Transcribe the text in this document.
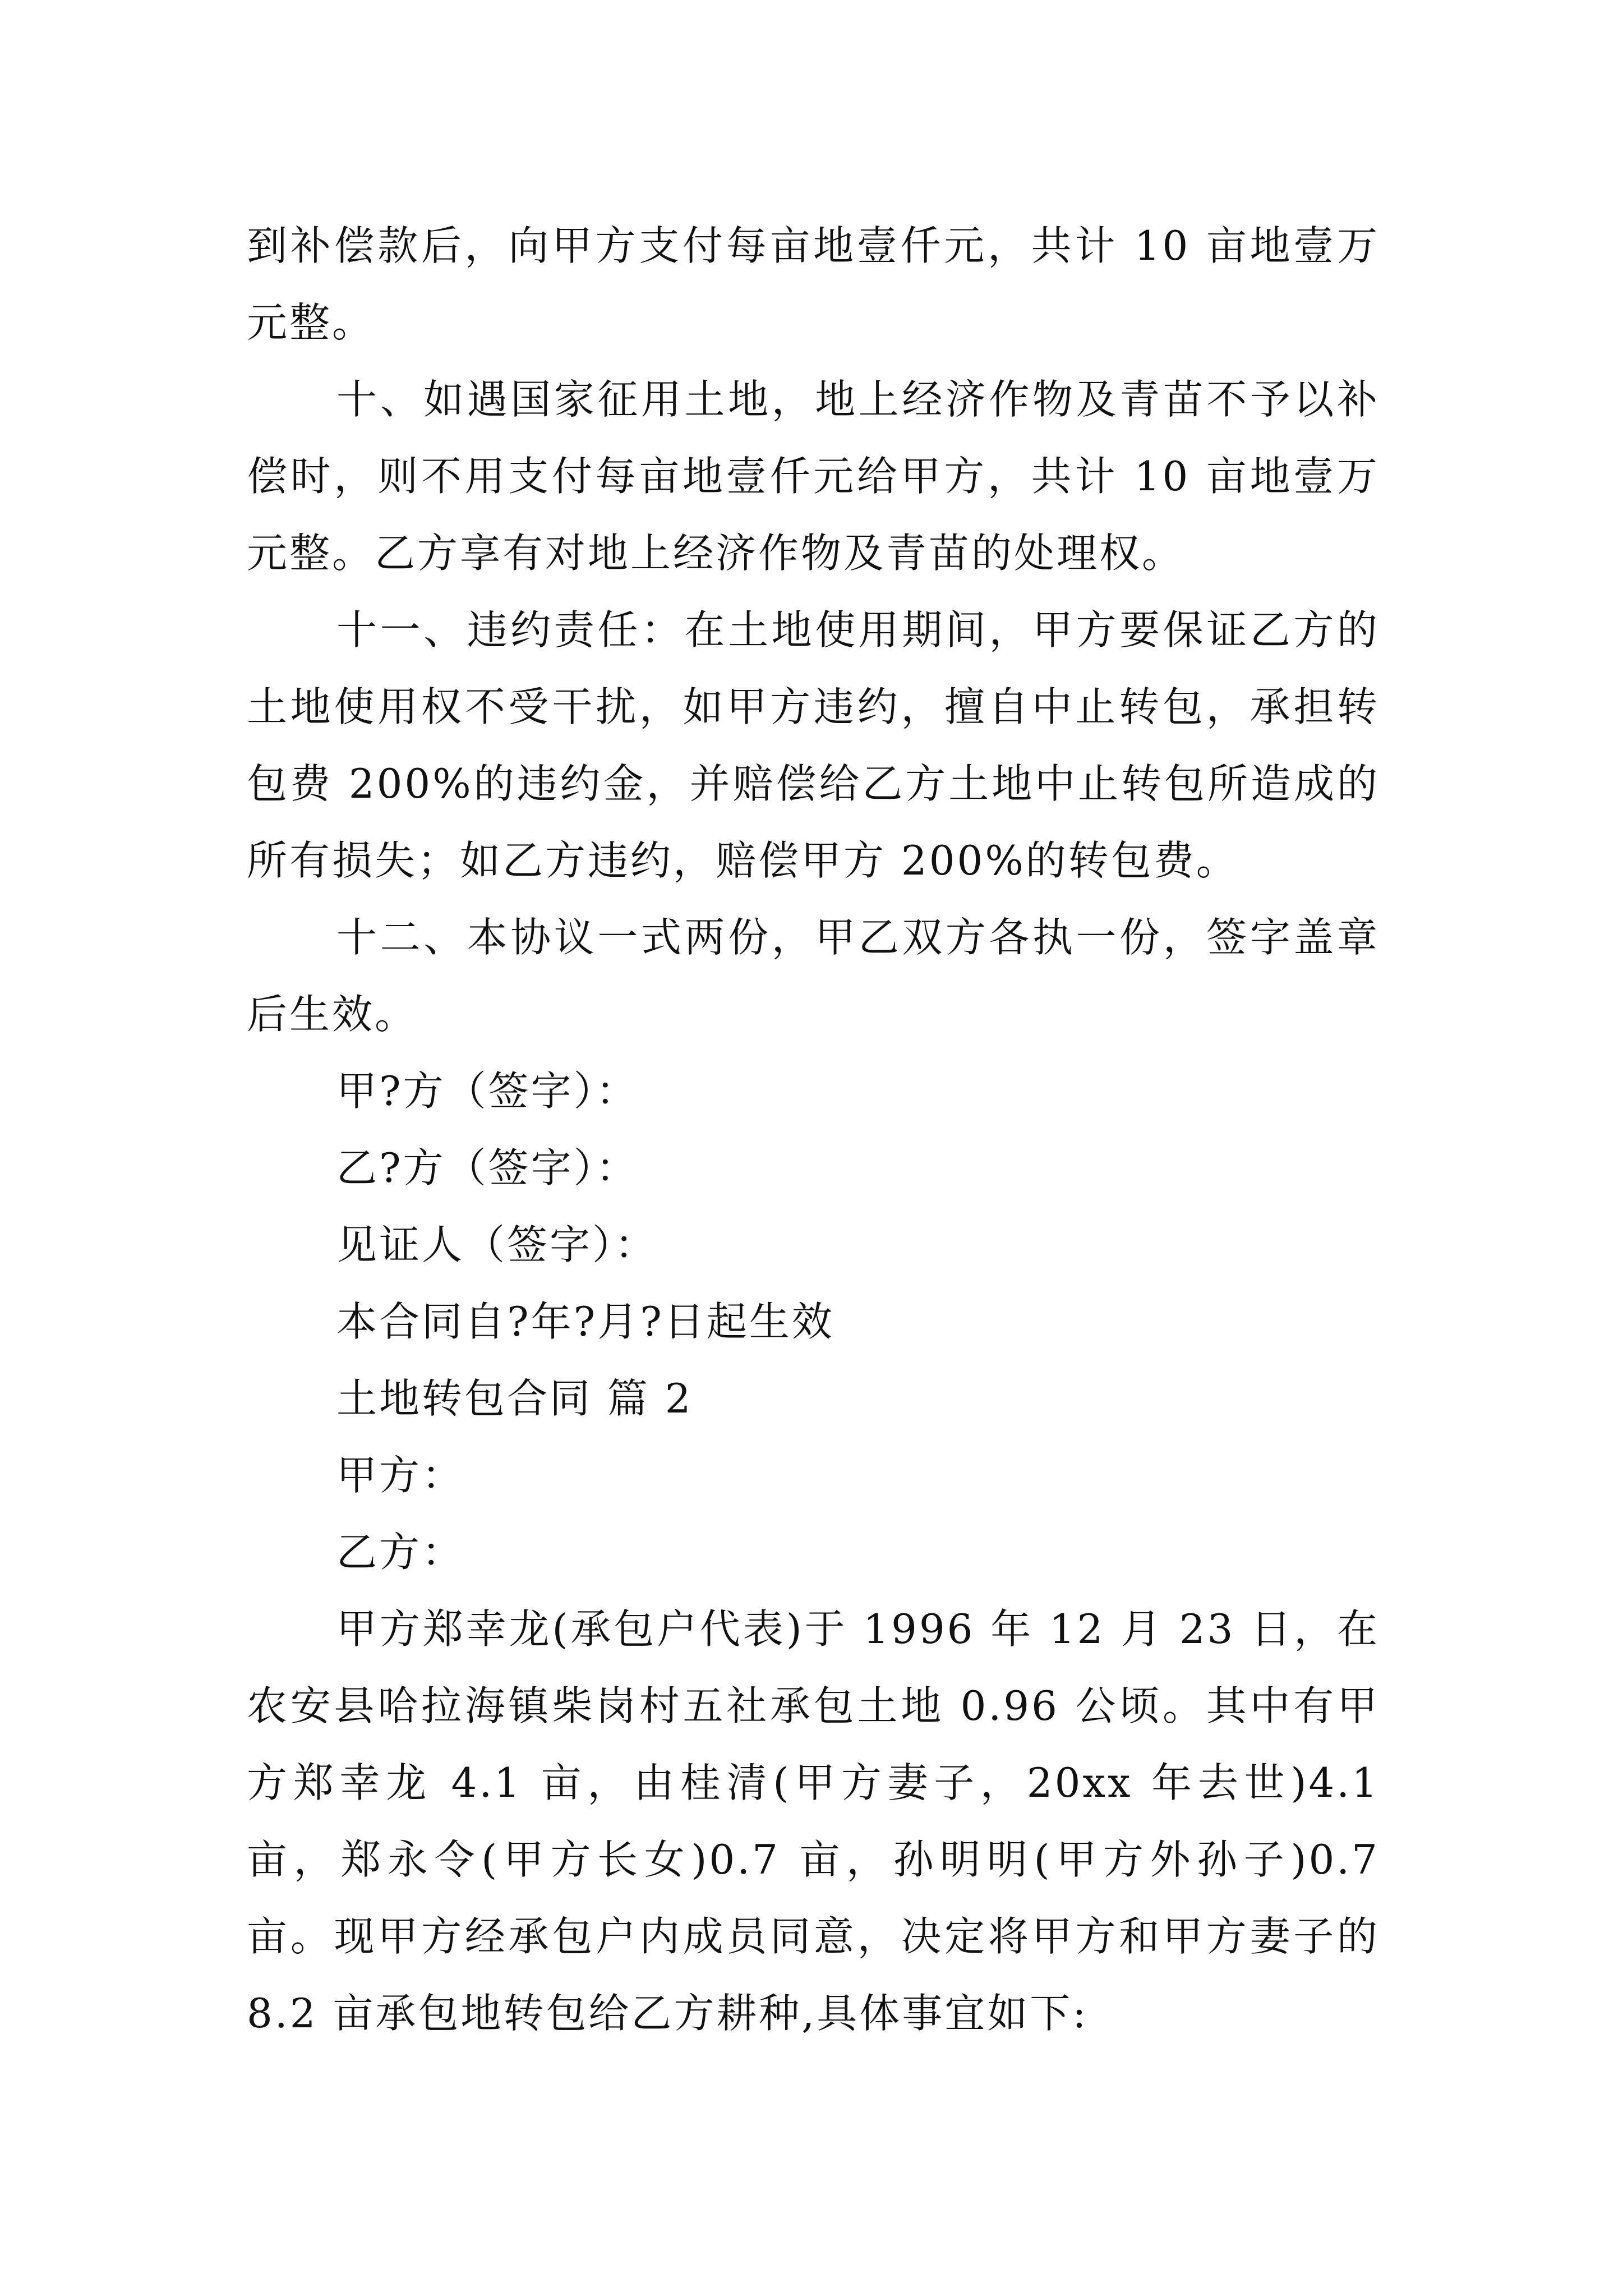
到补偿款后，向甲方支付每亩地壹仟元，共计 10 亩地壹万元整。

十、如遇国家征用土地，地上经济作物及青苗不予以补偿时，则不用支付每亩地壹仟元给甲方，共计 10 亩地壹万元整。乙方享有对地上经济作物及青苗的处理权。

十一、违约责任：在土地使用期间，甲方要保证乙方的土地使用权不受干扰，如甲方违约，擅自中止转包，承担转包费 200%的违约金，并赔偿给乙方土地中止转包所造成的所有损失；如乙方违约，赔偿甲方 200%的转包费。

十二、本协议一式两份，甲乙双方各执一份，签字盖章后生效。

甲?方（签字）：

乙?方（签字）：

见证人（签字）：

本合同自?年?月?日起生效

土地转包合同 篇 2

甲方：

乙方：

甲方郑幸龙(承包户代表)于 1996 年 12 月 23 日，在农安县哈拉海镇柴岗村五社承包土地 0.96 公顷。其中有甲方郑幸龙 4.1 亩，由桂清(甲方妻子，20xx 年去世)4.1 亩，郑永令(甲方长女)0.7 亩，孙明明(甲方外孙子)0.7 亩。现甲方经承包户内成员同意，决定将甲方和甲方妻子的 8.2 亩承包地转包给乙方耕种,具体事宜如下:
